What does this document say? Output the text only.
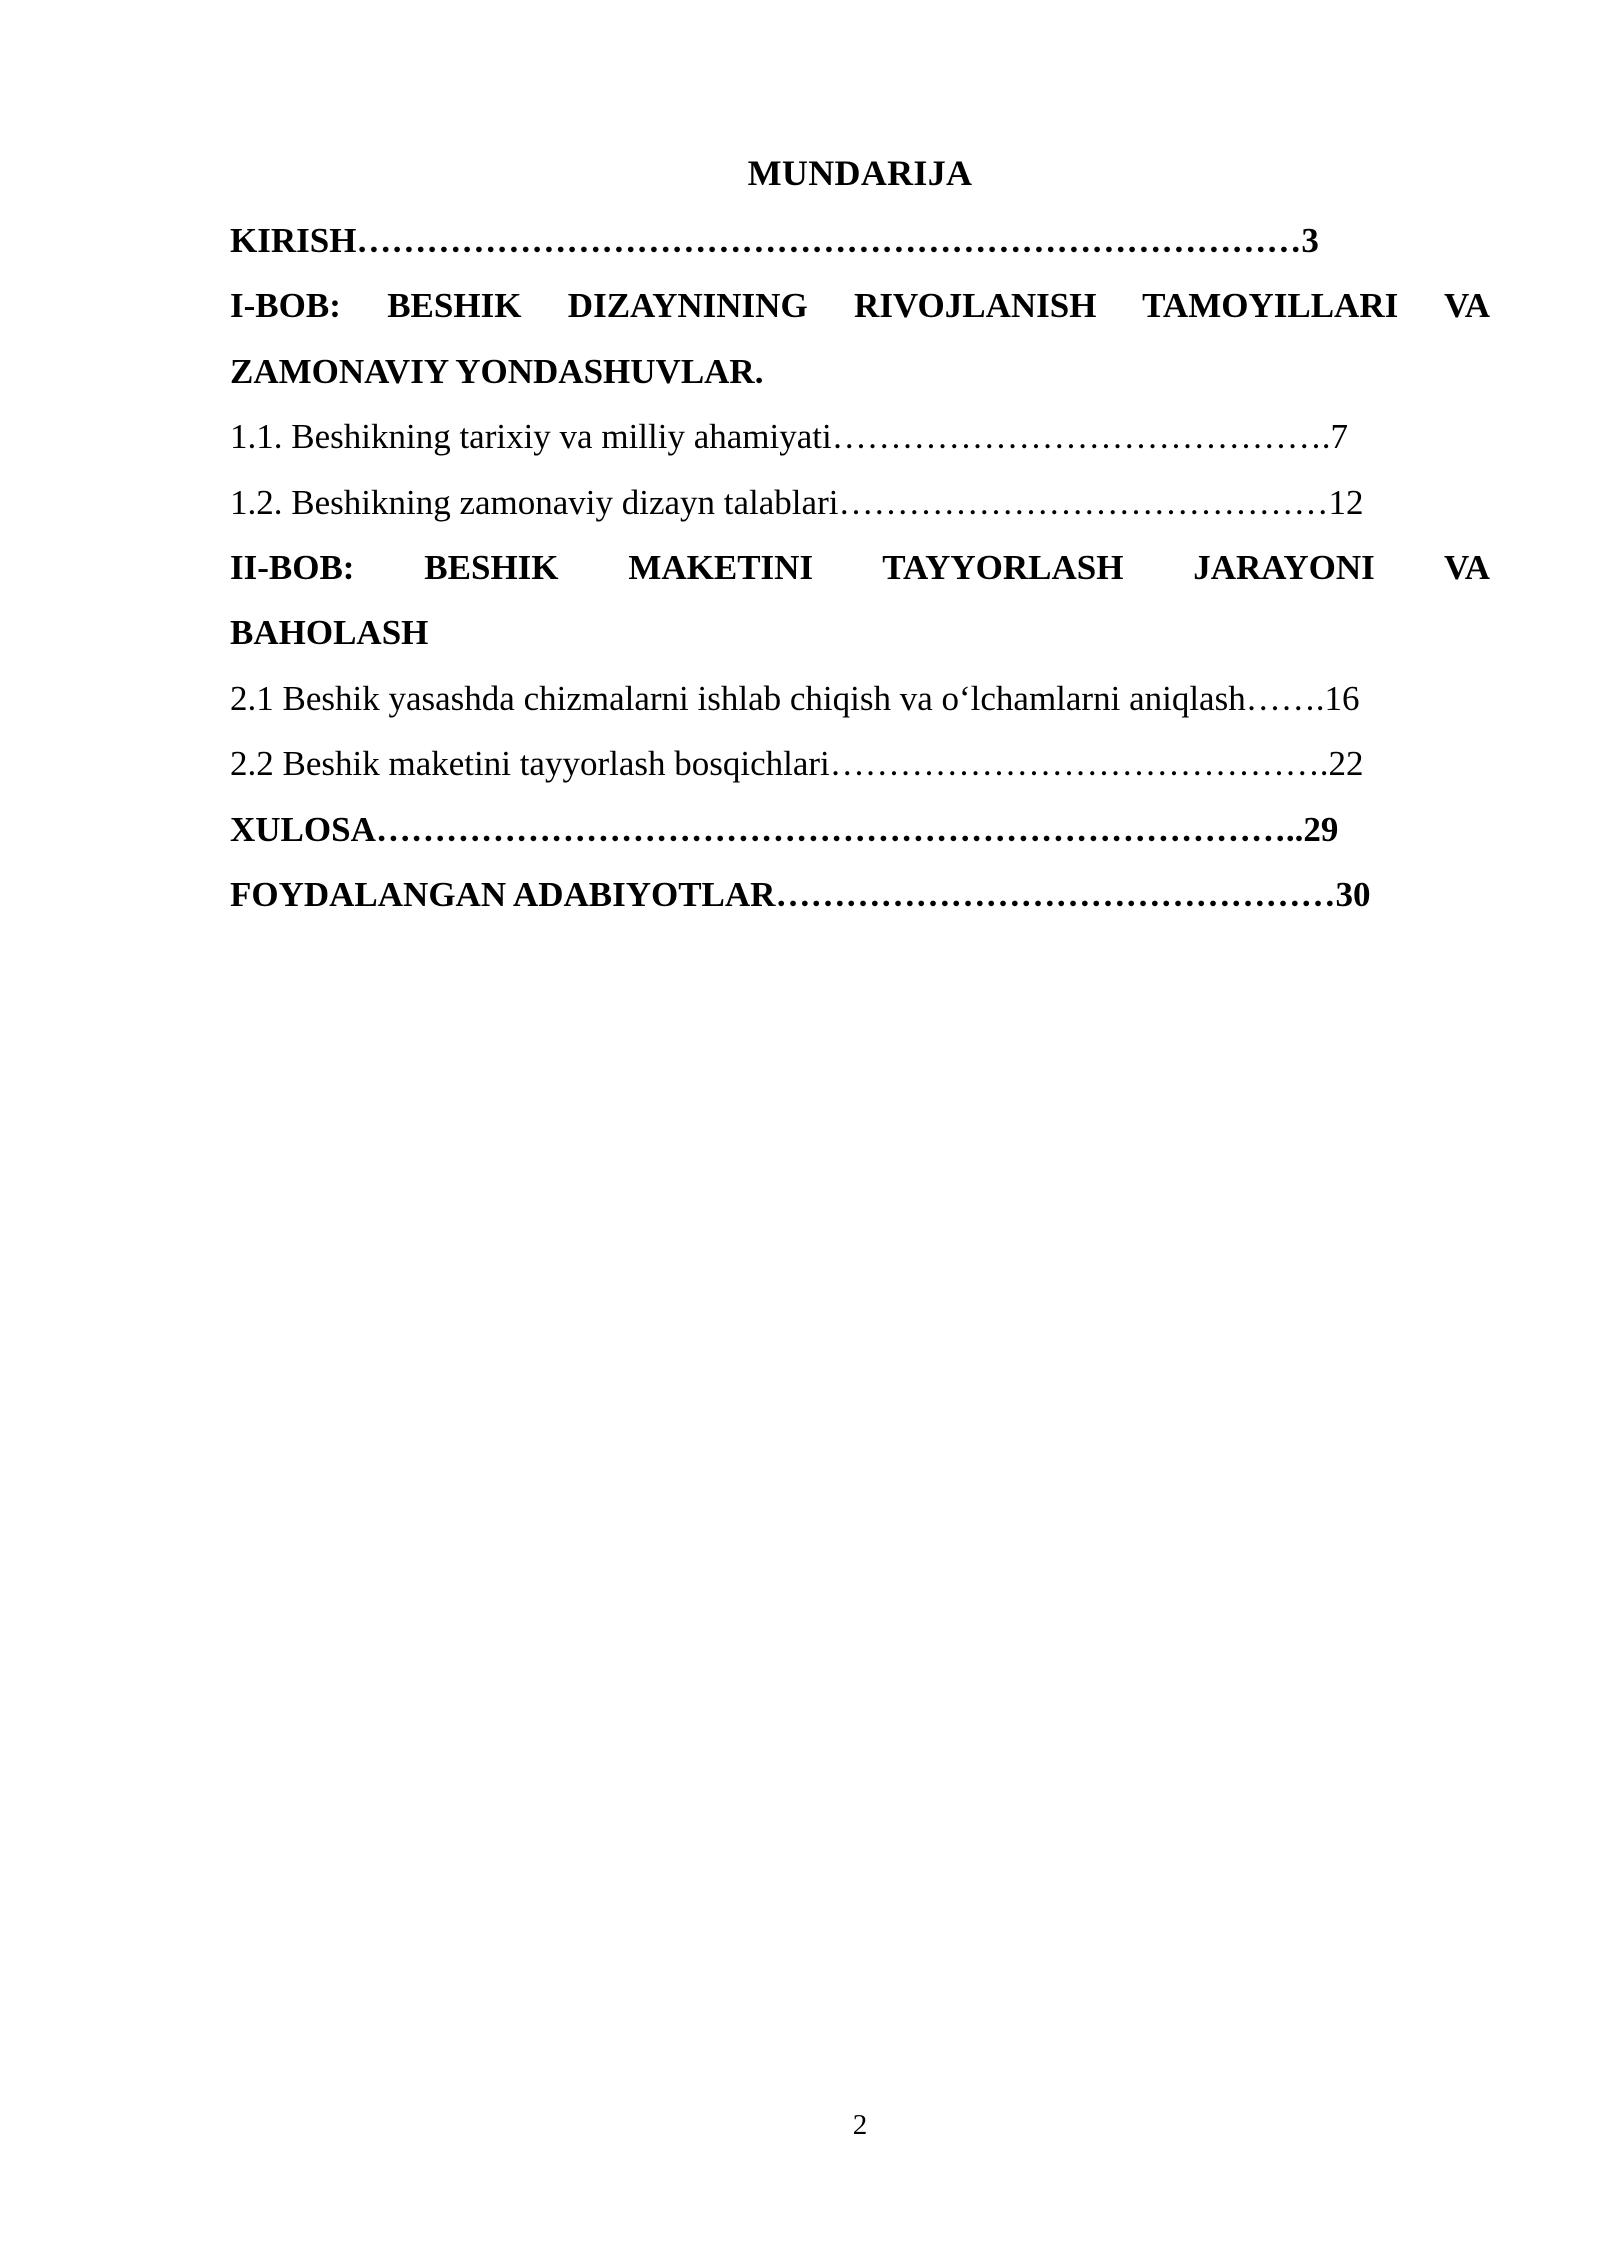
MUNDARIJA
KIRISH………………………………………………………………………3
I-BOB: BESHIK DIZAYNINING RIVOJLANISH TAMOYILLARI VA
ZAMONAVIY YONDASHUVLAR.
1.1. Beshikning tarixiy va milliy ahamiyati…………………………………….7
1.2. Beshikning zamonaviy dizayn talablari……………………………………12
II-BOB: BESHIK MAKETINI TAYYORLASH JARAYONI VA
BAHOLASH
2.1 Beshik yasashda chizmalarni ishlab chiqish va o‘lchamlarni aniqlash…….16
2.2 Beshik maketini tayyorlash bosqichlari…………………………………….22
XULOSA……………………………………………………………………..29
FOYDALANGAN ADABIYOTLAR…………………………………………30
2
